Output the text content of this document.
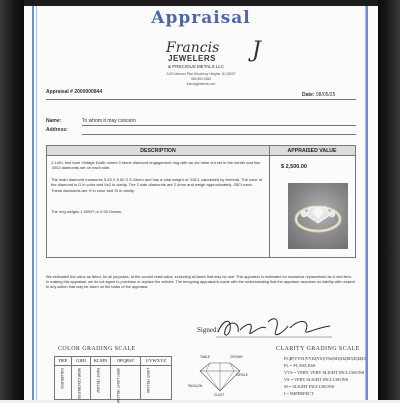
Appraisal
Francis J
JEWELERS
& PRECIOUS METALS LLC
2420 Mannon Pike Woodbury Heights, NJ 08097
856-853-0266
francisjjewelers.com
Appraisal # 2000000844	Date: 08/05/25
Name:	To whom it may concern
Address:
DESCRIPTION	APPRAISED VALUE
1-14Kt. two tone Vintage Earth mined 3 stone diamond engagement ring with an old mine cut set in the center and two .05Ct diamonds set on each side.
The main diamond measures 5.53 X 5.50 X 3.43mm and has a total weight of .63Ct. calculated by formula. The color of the diamond is G in color and Vs2 in clarity. The 2 side diamonds are 2.4mm and weigh approximately .05Ct each. These diamonds are H in color and SI in clarity.
The ring weighs 1.90WT or 2.95 Grams.
$ 2,500.00
We estimated the value as listed, for all purposes, at the current retail value, excluding all taxes that may be due. This appraiser is estimated for insurance replacement as a new item. In making this appraisal, we do not agree to purchase or replace the articles. The foregoing appraisal is made with the understanding that the appraiser assumes no liability with respect to any action that may be taken on the basis of the appraisal.
Signed:
COLOR GRADING SCALE
DEF	GHIJ	KLMN	OPQRST	UVWXYZ
COLORLESS	NEAR COLORLESS	FAINT YELLOW	VERY LIGHT YELLOW	LIGHT YELLOW
TABLE	CROWN
GIRDLE
PAVILION
CULET
CLARITY GRADING SCALE
FL|IF|VVS1|VVS2|VS1|VS2|SI1|SI2|SI3|I1|I2|I3
FL = FLAWLESS
VVS = VERY, VERY SLIGHT INCLUSIONS
VS = VERY SLIGHT INCLUSIONS
SI = SLIGHT INCLUSIONS
I = IMPERFECT
